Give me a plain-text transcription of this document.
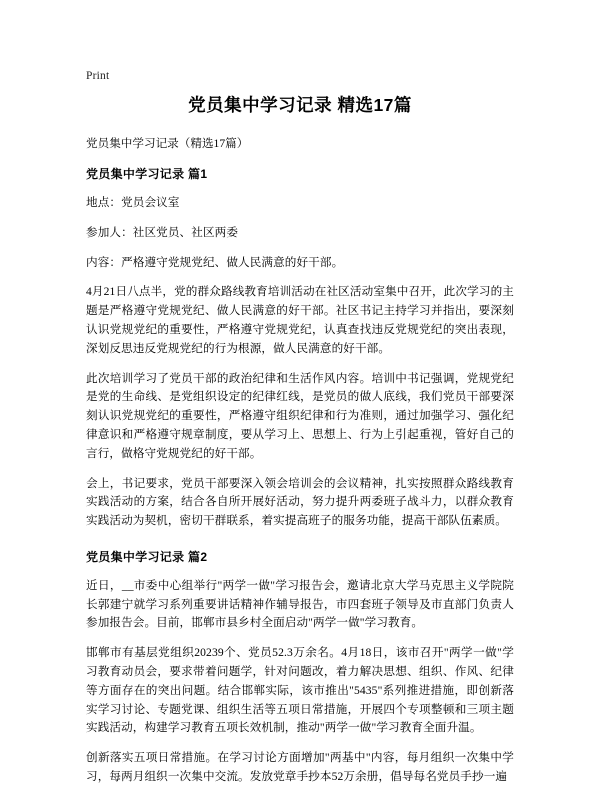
Print
党员集中学习记录 精选17篇
党员集中学习记录（精选17篇）
党员集中学习记录 篇1

地点：党员会议室

参加人：社区党员、社区两委

内容：严格遵守党规党纪、做人民满意的好干部。

4月21日八点半，党的群众路线教育培训活动在社区活动室集中召开，此次学习的主题是严格遵守党规党纪、做人民满意的好干部。社区书记主持学习并指出，要深刻认识党规党纪的重要性，严格遵守党规党纪，认真查找违反党规党纪的突出表现，深划反思违反党规党纪的行为根源，做人民满意的好干部。

此次培训学习了党员干部的政治纪律和生活作风内容。培训中书记强调，党规党纪是党的生命线、是党组织设定的纪律红线，是党员的做人底线，我们党员干部要深刻认识党规党纪的重要性，严格遵守组织纪律和行为准则，通过加强学习、强化纪律意识和严格遵守规章制度，要从学习上、思想上、行为上引起重视，管好自己的言行，做格守党规党纪的好干部。

会上，书记要求，党员干部要深入领会培训会的会议精神，扎实按照群众路线教育实践活动的方案，结合各自所开展好活动，努力提升两委班子战斗力，以群众教育实践活动为契机，密切干群联系，着实提高班子的服务功能，提高干部队伍素质。

党员集中学习记录 篇2

近日，__市委中心组举行"两学一做"学习报告会，邀请北京大学马克思主义学院院长郭建宁就学习系列重要讲话精神作辅导报告，市四套班子领导及市直部门负责人参加报告会。目前，邯郸市县乡村全面启动"两学一做"学习教育。

邯郸市有基层党组织20239个、党员52.3万余名。4月18日，该市召开"两学一做"学习教育动员会，要求带着问题学，针对问题改，着力解决思想、组织、作风、纪律等方面存在的突出问题。结合邯郸实际，该市推出"5435"系列推进措施，即创新落实学习讨论、专题党课、组织生活等五项日常措施，开展四个专项整顿和三项主题实践活动，构建学习教育五项长效机制，推动"两学一做"学习教育全面升温。

创新落实五项日常措施。在学习讨论方面增加"两基中"内容，每月组织一次集中学习，每两月组织一次集中交流。发放党章手抄本52万余册，倡导每名党员手抄一遍
